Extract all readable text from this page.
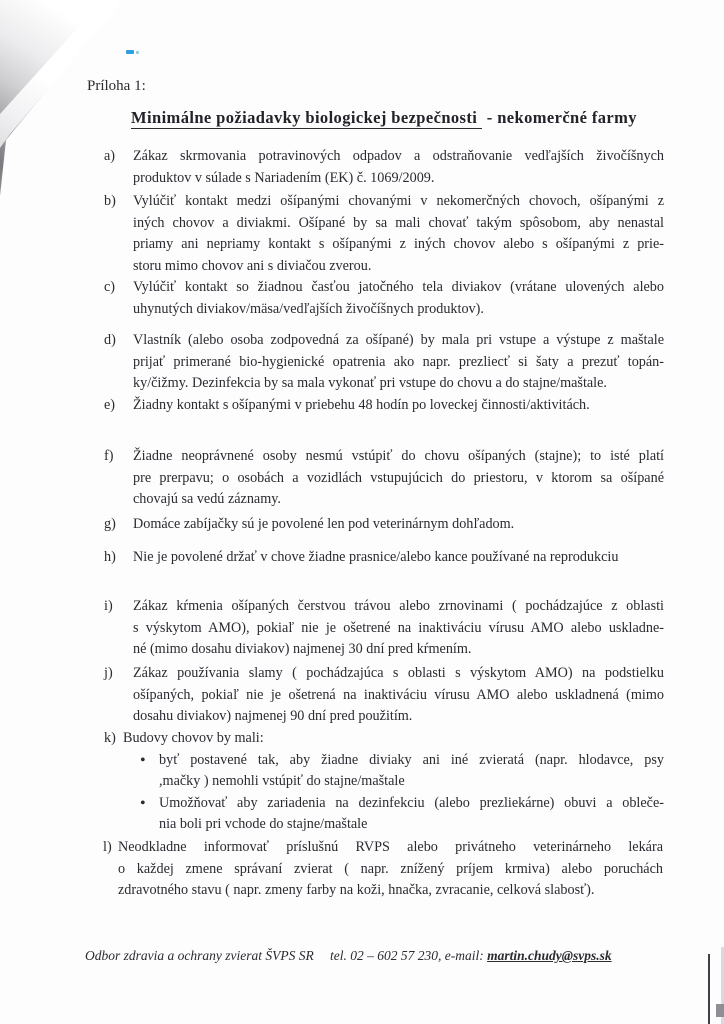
Príloha 1:
Minimálne požiadavky biologickej bezpečnosti - nekomerčné farmy
a) Zákaz skrmovania potravinových odpadov a odstraňovanie vedľajších živočíšnych
produktov v súlade s Nariadením (EK) č. 1069/2009.
b) Vylúčiť kontakt medzi ošípanými chovanými v nekomerčných chovoch, ošípanými z
iných chovov a diviakmi. Ošípané by sa mali chovať takým spôsobom, aby nenastal
priamy ani nepriamy kontakt s ošípanými z iných chovov alebo s ošípanými z prie-
storu mimo chovov ani s diviačou zverou.
c) Vylúčiť kontakt so žiadnou časťou jatočného tela diviakov (vrátane ulovených alebo
uhynutých diviakov/mäsa/vedľajších živočíšnych produktov).
d) Vlastník (alebo osoba zodpovedná za ošípané) by mala pri vstupe a výstupe z maštale
prijať primerané bio-hygienické opatrenia ako napr. prezliecť si šaty a prezuť topán-
ky/čižmy. Dezinfekcia by sa mala vykonať pri vstupe do chovu a do stajne/maštale.
e) Žiadny kontakt s ošípanými v priebehu 48 hodín po loveckej činnosti/aktivitách.
f) Žiadne neoprávnené osoby nesmú vstúpiť do chovu ošípaných (stajne); to isté platí
pre prerpavu; o osobách a vozidlách vstupujúcich do priestoru, v ktorom sa ošípané
chovajú sa vedú záznamy.
g) Domáce zabíjačky sú je povolené len pod veterinárnym dohľadom.
h) Nie je povolené držať v chove žiadne prasnice/alebo kance používané na reprodukciu
i) Zákaz kŕmenia ošípaných čerstvou trávou alebo zrnovinami ( pochádzajúce z oblasti
s výskytom AMO), pokiaľ nie je ošetrené na inaktiváciu vírusu AMO alebo uskladne-
né (mimo dosahu diviakov) najmenej 30 dní pred kŕmením.
j) Zákaz používania slamy ( pochádzajúca s oblasti s výskytom AMO) na podstielku
ošípaných, pokiaľ nie je ošetrená na inaktiváciu vírusu AMO alebo uskladnená (mimo
dosahu diviakov) najmenej 90 dní pred použitím.
k) Budovy chovov by mali:
• byť postavené tak, aby žiadne diviaky ani iné zvieratá (napr. hlodavce, psy
,mačky ) nemohli vstúpiť do stajne/maštale
• Umožňovať aby zariadenia na dezinfekciu (alebo prezliekárne) obuvi a obleče-
nia boli pri vchode do stajne/maštale
l) Neodkladne informovať príslušnú RVPS alebo privátneho veterinárneho lekára
o každej zmene správaní zvierat ( napr. znížený príjem krmiva) alebo poruchách
zdravotného stavu ( napr. zmeny farby na koži, hnačka, zvracanie, celková slabosť).
Odbor zdravia a ochrany zvierat ŠVPS SR tel. 02 – 602 57 230, e-mail: martin.chudy@svps.sk
